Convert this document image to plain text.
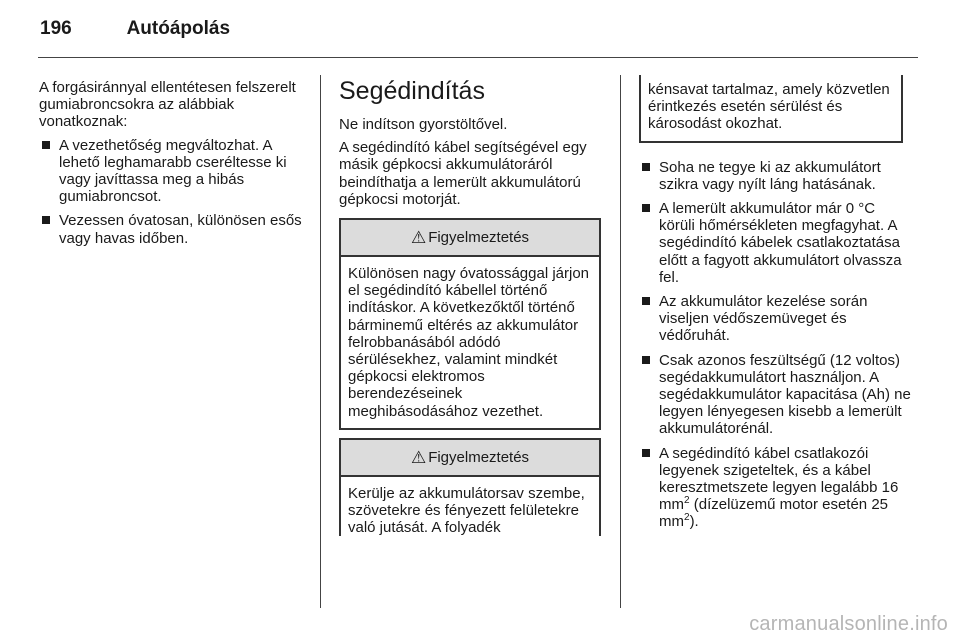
196	Autóápolás

A forgásiránnyal ellentétesen felszerelt gumiabroncsokra az alábbiak vonatkoznak:

A vezethetőség megváltozhat. A lehető leghamarabb cseréltesse ki vagy javíttassa meg a hibás gumiabroncsot.
Vezessen óvatosan, különösen esős vagy havas időben.
Segédindítás

Ne indítson gyorstöltővel.

A segédindító kábel segítségével egy másik gépkocsi akkumulátoráról beindíthatja a lemerült akkumulátorú gépkocsi motorját.

⚠ Figyelmeztetés
Különösen nagy óvatossággal járjon el segédindító kábellel történő indításkor. A következőktől történő bárminemű eltérés az akkumulátor felrobbanásából adódó sérülésekhez, valamint mindkét gépkocsi elektromos berendezéseinek meghibásodásához vezethet.
⚠ Figyelmeztetés
Kerülje az akkumulátorsav szembe, szövetekre és fényezett felületekre való jutását. A folyadék
kénsavat tartalmaz, amely közvetlen érintkezés esetén sérülést és károsodást okozhat.
Soha ne tegye ki az akkumulátort szikra vagy nyílt láng hatásának.
A lemerült akkumulátor már 0 °C körüli hőmérsékleten megfagyhat. A segédindító kábelek csatlakoztatása előtt a fagyott akkumulátort olvassza fel.
Az akkumulátor kezelése során viseljen védőszemüveget és védőruhát.
Csak azonos feszültségű (12 voltos) segédakkumulátort használjon. A segédakkumulátor kapacitása (Ah) ne legyen lényegesen kisebb a lemerült akkumulátorénál.
A segédindító kábel csatlakozói legyenek szigeteltek, és a kábel keresztmetszete legyen legalább 16 $mm^2$ (dízelüzemű motor esetén 25 $mm^2$).
carmanualsonline.info
